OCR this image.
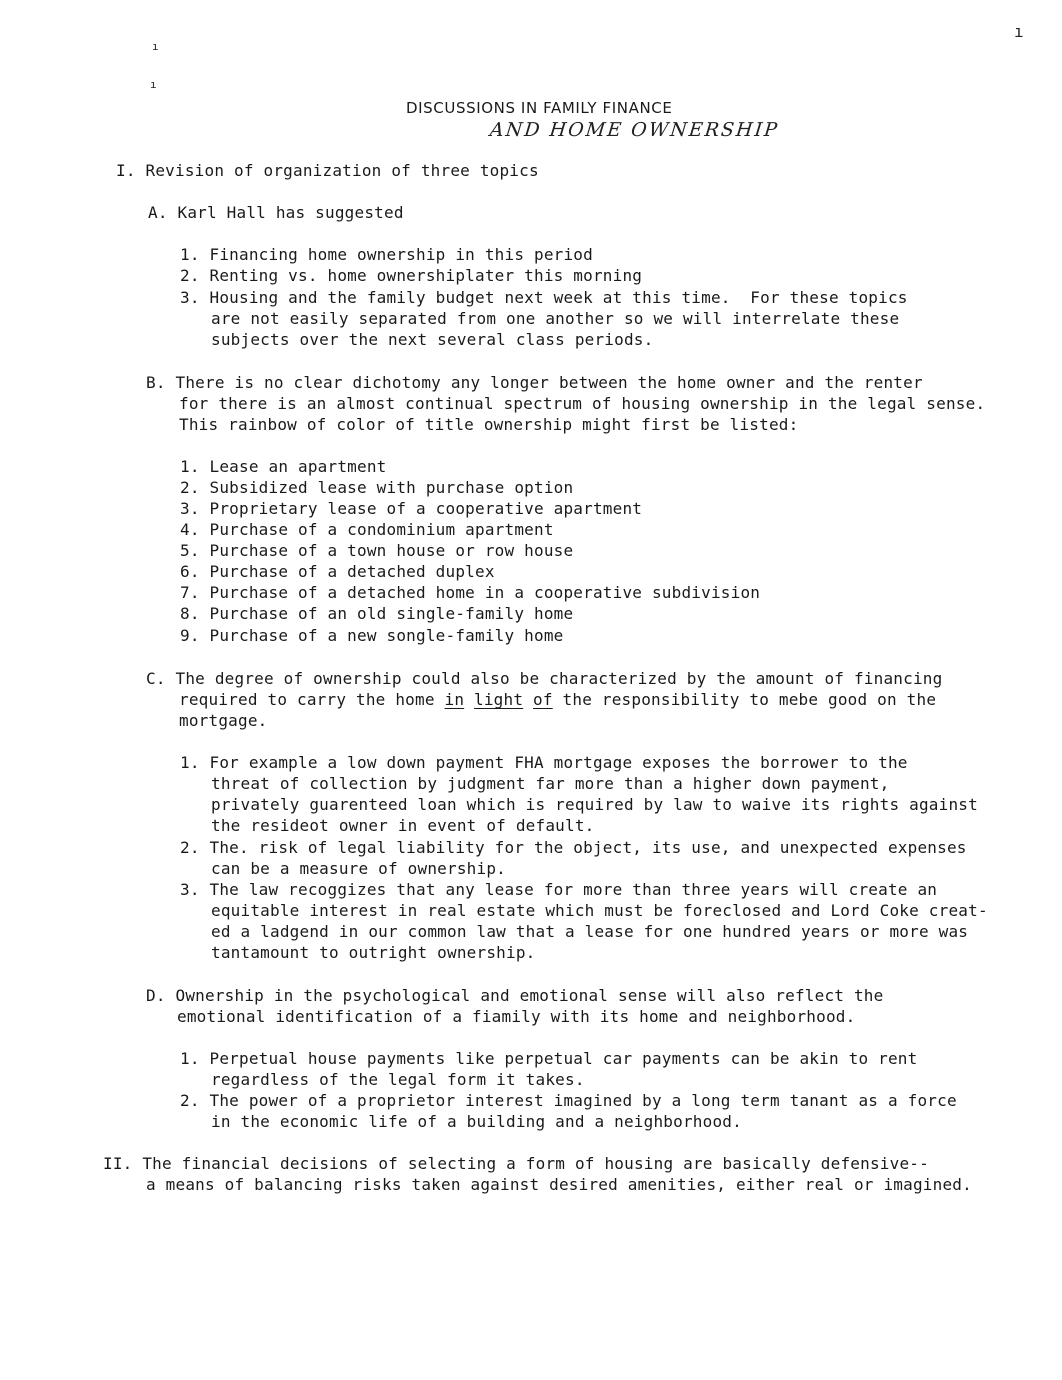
ı
ı
ı
DISCUSSIONS IN FAMILY FINANCE
AND HOME OWNERSHIP
I. Revision of organization of three topics
A. Karl Hall has suggested
1. Financing home ownership in this period
2. Renting vs. home ownershiplater this morning
3. Housing and the family budget next week at this time.  For these topics
are not easily separated from one another so we will interrelate these
subjects over the next several class periods.
B. There is no clear dichotomy any longer between the home owner and the renter
for there is an almost continual spectrum of housing ownership in the legal sense.
This rainbow of color of title ownership might first be listed:
1. Lease an apartment
2. Subsidized lease with purchase option
3. Proprietary lease of a cooperative apartment
4. Purchase of a condominium apartment
5. Purchase of a town house or row house
6. Purchase of a detached duplex
7. Purchase of a detached home in a cooperative subdivision
8. Purchase of an old single-family home
9. Purchase of a new songle-family home
C. The degree of ownership could also be characterized by the amount of financing
required to carry the home in light of the responsibility to mebe good on the
mortgage.
1. For example a low down payment FHA mortgage exposes the borrower to the
threat of collection by judgment far more than a higher down payment,
privately guarenteed loan which is required by law to waive its rights against
the resideot owner in event of default.
2. The. risk of legal liability for the object, its use, and unexpected expenses
can be a measure of ownership.
3. The law recoggizes that any lease for more than three years will create an
equitable interest in real estate which must be foreclosed and Lord Coke creat-
ed a ladgend in our common law that a lease for one hundred years or more was
tantamount to outright ownership.
D. Ownership in the psychological and emotional sense will also reflect the
emotional identification of a fiamily with its home and neighborhood.
1. Perpetual house payments like perpetual car payments can be akin to rent
regardless of the legal form it takes.
2. The power of a proprietor interest imagined by a long term tanant as a force
in the economic life of a building and a neighborhood.
II. The financial decisions of selecting a form of housing are basically defensive--
a means of balancing risks taken against desired amenities, either real or imagined.
